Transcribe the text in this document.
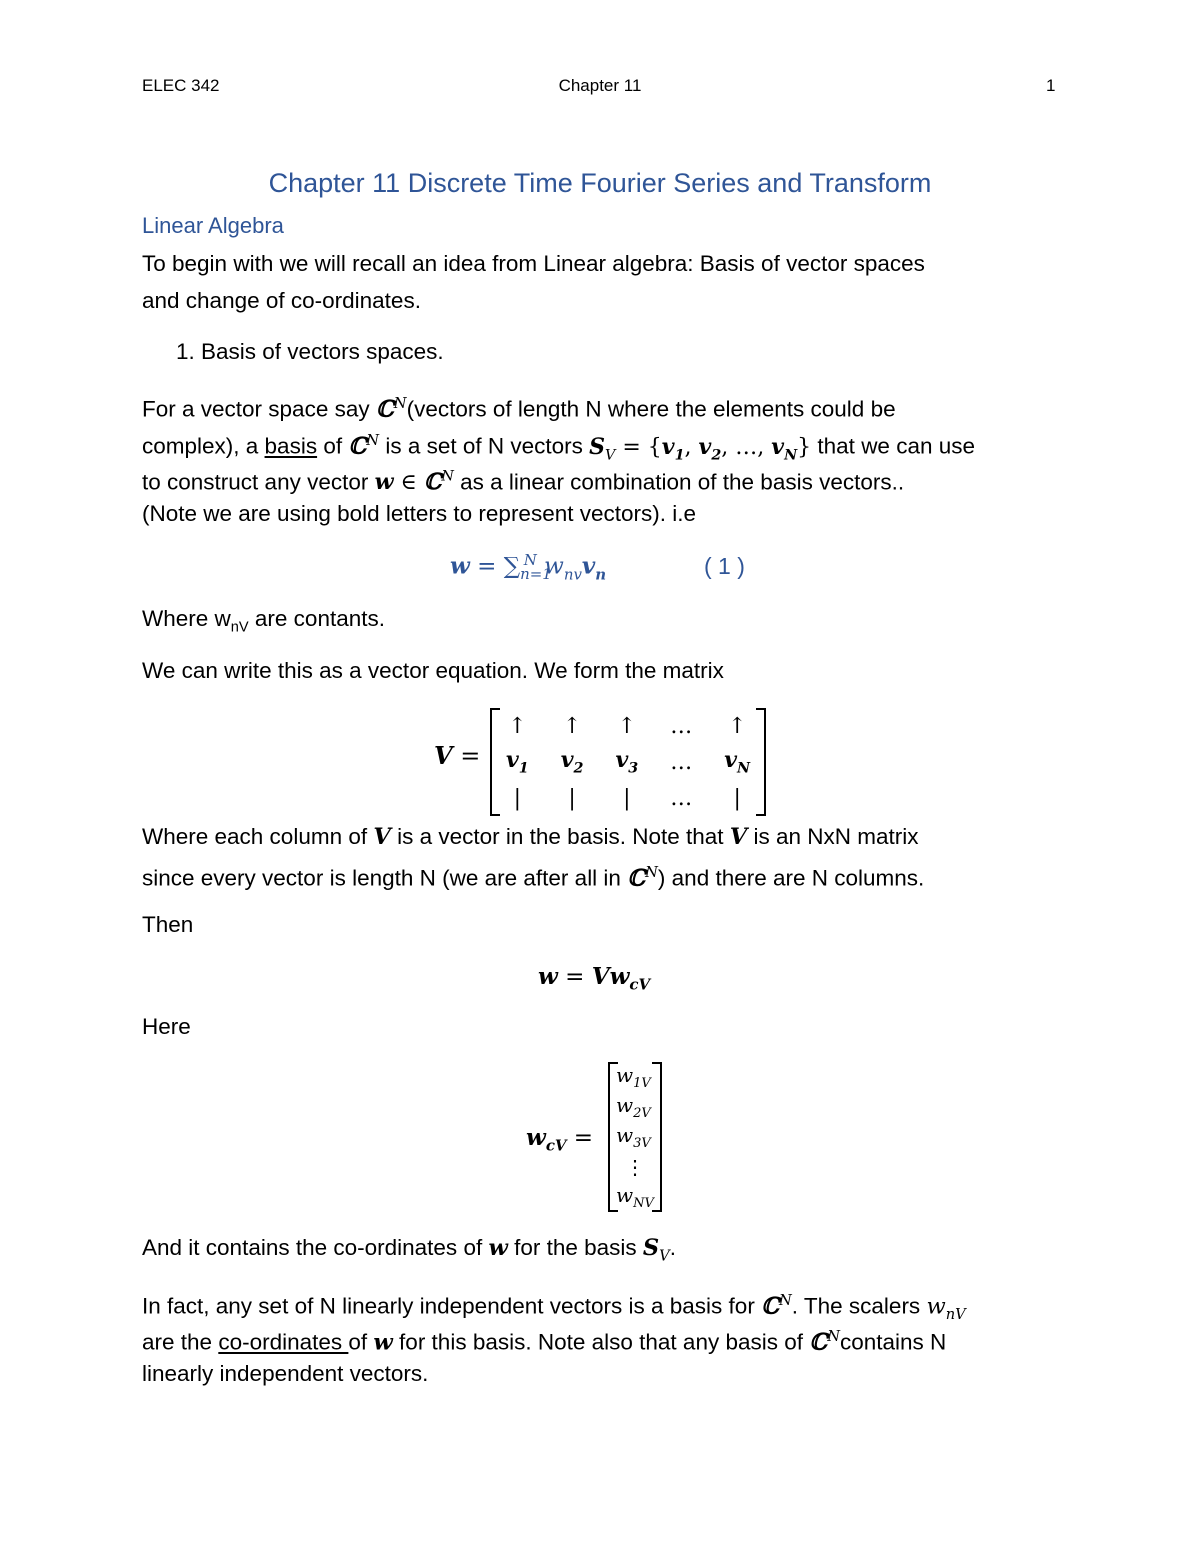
ELEC 342	Chapter 11	1
Chapter 11 Discrete Time Fourier Series and Transform
Linear Algebra
To begin with we will recall an idea from Linear algebra: Basis of vector spaces
and change of co-ordinates.
1. Basis of vectors spaces.
For a vector space say ℂ$^N$(vectors of length N where the elements could be
complex), a basis of ℂ$^N$ is a set of N vectors $S_V = \{v_1$, $v_2$, …, $v_N$} that we can use
to construct any vector w ∈ ℂ$^N$ as a linear combination of the basis vectors..
(Note we are using bold letters to represent vectors). i.e
$w = \sum_{n=1}^N$ $w_{nv}v_n$	( 1 )
Where $w_{nV}$ are contants.
We can write this as a vector equation. We form the matrix
V =
↑	↑	↑	…	↑
$v_1$	$v_2$	$v_3$	…	$v_N$
|	|	|	…	|
Where each column of V is a vector in the basis. Note that V is an NxN matrix
since every vector is length N (we are after all in ℂ$^N$) and there are N columns.
Then
$w = Vw_{cV}$
Here
$w_{cV}$ =
$w_{1V}$
$w_{2V}$
$w_{3V}$
⋮
$w_{NV}$
And it contains the co-ordinates of w for the basis $S_V$.
In fact, any set of N linearly independent vectors is a basis for ℂ$^N$. The scalers $w_{nV}$
are the co-ordinates of w for this basis. Note also that any basis of ℂ$^N$contains N
linearly independent vectors.
